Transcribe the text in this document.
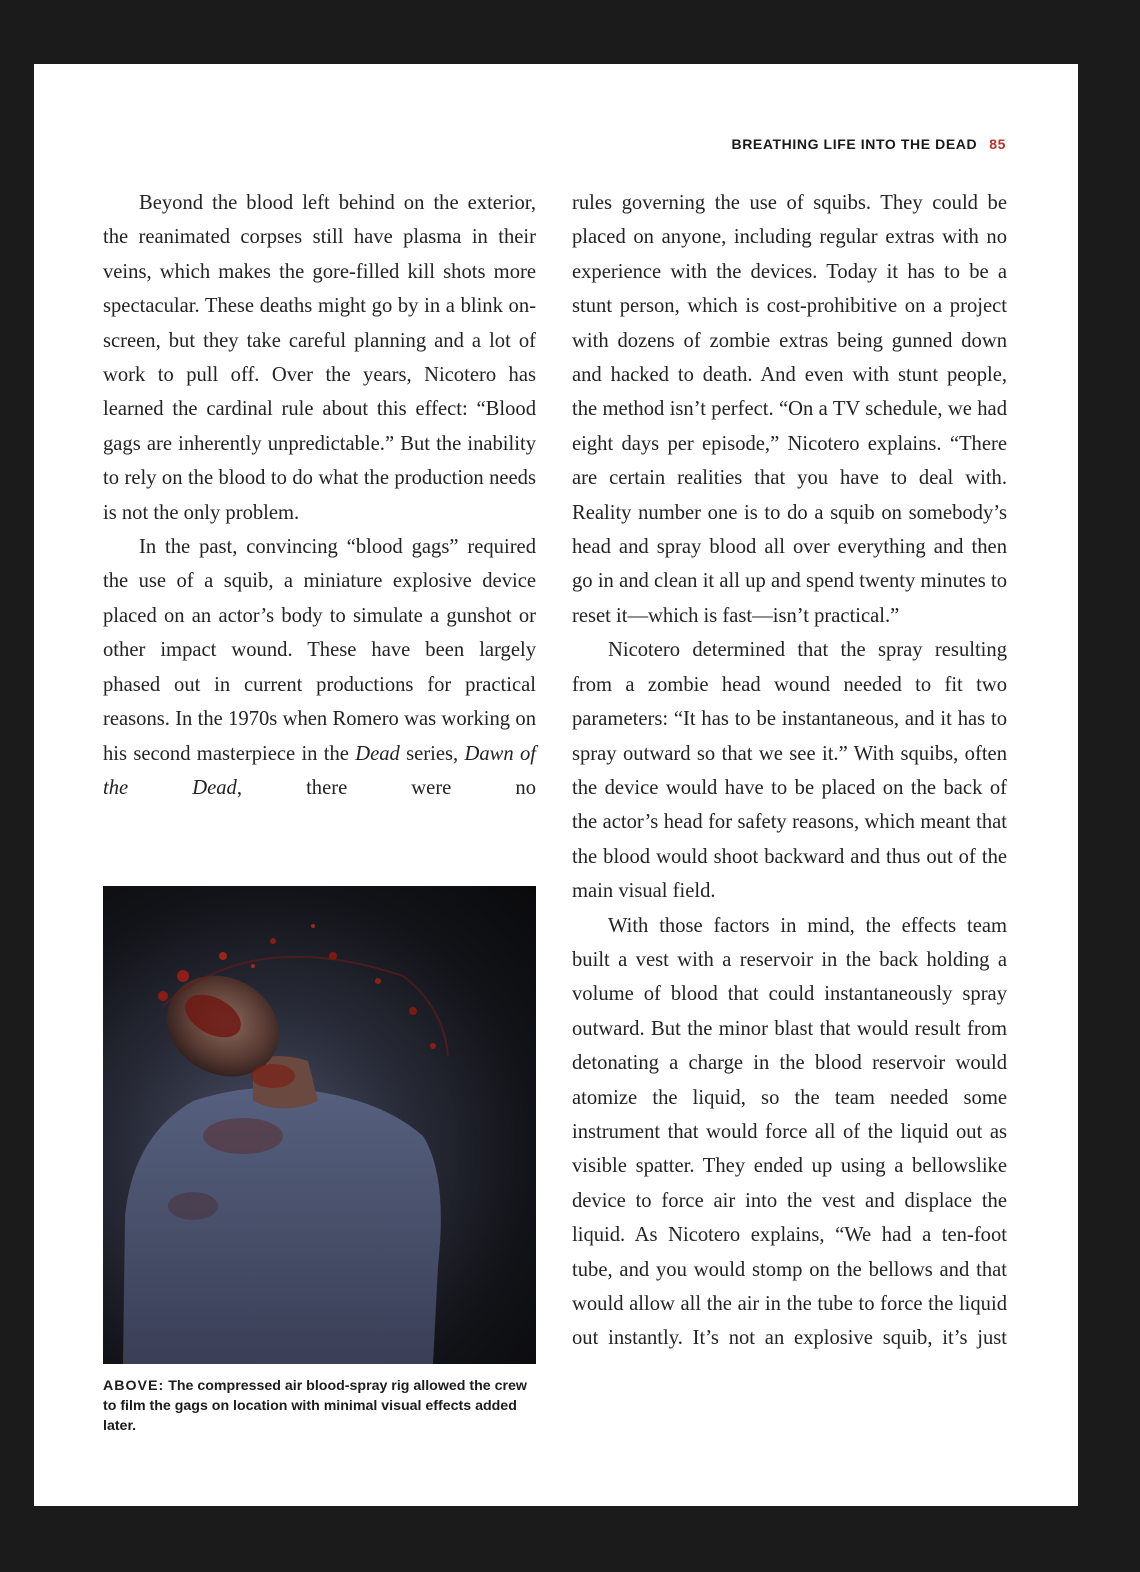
BREATHING LIFE INTO THE DEAD 85

Beyond the blood left behind on the exterior, the reanimated corpses still have plasma in their veins, which makes the gore-filled kill shots more spectacular. These deaths might go by in a blink on-screen, but they take careful planning and a lot of work to pull off. Over the years, Nicotero has learned the cardinal rule about this effect: “Blood gags are inherently unpredictable.” But the inability to rely on the blood to do what the production needs is not the only problem.

In the past, convincing “blood gags” required the use of a squib, a miniature explosive device placed on an actor’s body to simulate a gunshot or other impact wound. These have been largely phased out in current productions for practical reasons. In the 1970s when Romero was working on his second masterpiece in the Dead series, Dawn of the Dead, there were no

ABOVE: The compressed air blood-spray rig allowed the crew to film the gags on location with minimal visual effects added later.

rules governing the use of squibs. They could be placed on anyone, including regular extras with no experience with the devices. Today it has to be a stunt person, which is cost-prohibitive on a project with dozens of zombie extras being gunned down and hacked to death. And even with stunt people, the method isn’t perfect. “On a TV schedule, we had eight days per episode,” Nicotero explains. “There are certain realities that you have to deal with. Reality number one is to do a squib on somebody’s head and spray blood all over everything and then go in and clean it all up and spend twenty minutes to reset it—which is fast—isn’t practical.”

Nicotero determined that the spray resulting from a zombie head wound needed to fit two parameters: “It has to be instantaneous, and it has to spray outward so that we see it.” With squibs, often the device would have to be placed on the back of the actor’s head for safety reasons, which meant that the blood would shoot backward and thus out of the main visual field.

With those factors in mind, the effects team built a vest with a reservoir in the back holding a volume of blood that could instantaneously spray outward. But the minor blast that would result from detonating a charge in the blood reservoir would atomize the liquid, so the team needed some instrument that would force all of the liquid out as visible spatter. They ended up using a bellowslike device to force air into the vest and displace the liquid. As Nicotero explains, “We had a ten-foot tube, and you would stomp on the bellows and that would allow all the air in the tube to force the liquid out instantly. It’s not an explosive squib, it’s just
